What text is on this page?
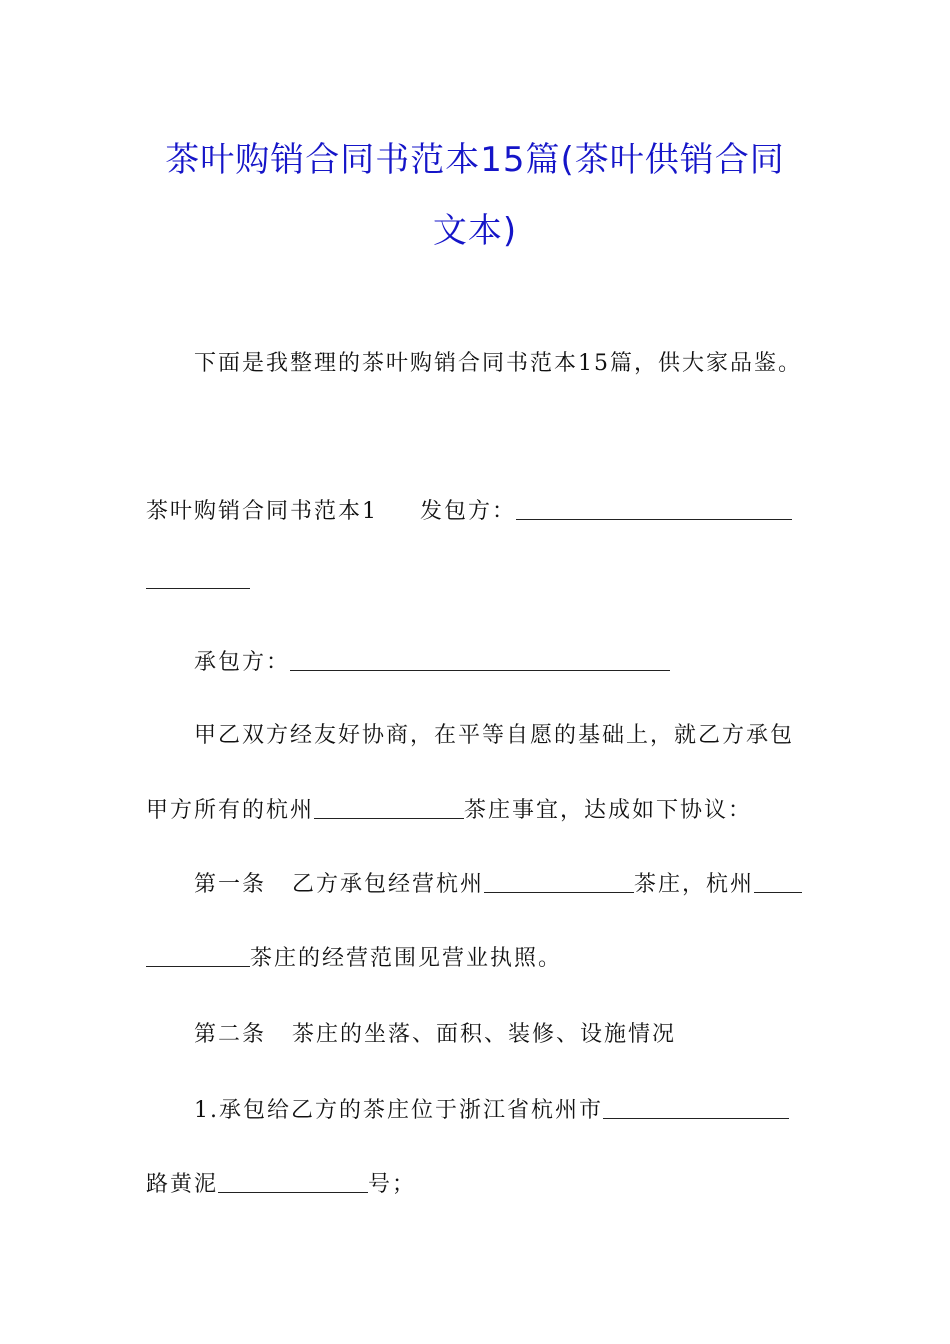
茶叶购销合同书范本15篇(茶叶供销合同
文本)
下面是我整理的茶叶购销合同书范本15篇，供大家品鉴。
茶叶购销合同书范本1 发包方：
承包方：
甲乙双方经友好协商，在平等自愿的基础上，就乙方承包
甲方所有的杭州	茶庄事宜，达成如下协议：
第一条 乙方承包经营杭州	茶庄，杭州
茶庄的经营范围见营业执照。
第二条 茶庄的坐落、面积、装修、设施情况
1.承包给乙方的茶庄位于浙江省杭州市
路黄泥	号；
